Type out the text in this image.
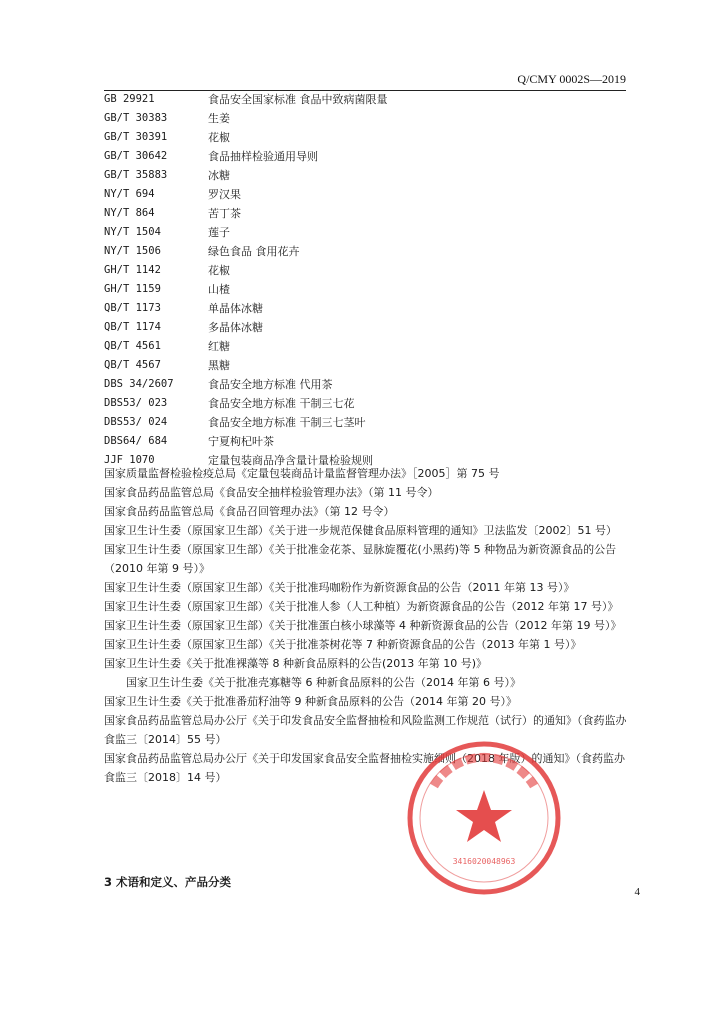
Q/CMY 0002S—2019
GB 29921	食品安全国家标准 食品中致病菌限量
GB/T 30383	生姜
GB/T 30391	花椒
GB/T 30642	食品抽样检验通用导则
GB/T 35883	冰糖
NY/T 694	罗汉果
NY/T 864	苦丁茶
NY/T 1504	莲子
NY/T 1506	绿色食品 食用花卉
GH/T 1142	花椒
GH/T 1159	山楂
QB/T 1173	单晶体冰糖
QB/T 1174	多晶体冰糖
QB/T 4561	红糖
QB/T 4567	黑糖
DBS 34/2607	食品安全地方标准 代用茶
DBS53/ 023	食品安全地方标准 干制三七花
DBS53/ 024	食品安全地方标准 干制三七茎叶
DBS64/ 684	宁夏枸杞叶茶
JJF 1070	定量包装商品净含量计量检验规则

国家质量监督检验检疫总局《定量包装商品计量监督管理办法》［2005］第 75 号

国家食品药品监管总局《食品安全抽样检验管理办法》（第 11 号令）

国家食品药品监管总局《食品召回管理办法》（第 12 号令）

国家卫生计生委（原国家卫生部）《关于进一步规范保健食品原料管理的通知》卫法监发〔2002〕51 号）

国家卫生计生委（原国家卫生部）《关于批准金花茶、显脉旋覆花(小黑药)等 5 种物品为新资源食品的公告（2010 年第 9 号）》

国家卫生计生委（原国家卫生部）《关于批准玛咖粉作为新资源食品的公告（2011 年第 13 号）》

国家卫生计生委（原国家卫生部）《关于批准人参（人工种植）为新资源食品的公告（2012 年第 17 号）》

国家卫生计生委（原国家卫生部）《关于批准蛋白核小球藻等 4 种新资源食品的公告（2012 年第 19 号）》

国家卫生计生委（原国家卫生部）《关于批准茶树花等 7 种新资源食品的公告（2013 年第 1 号）》

国家卫生计生委《关于批准裸藻等 8 种新食品原料的公告(2013 年第 10 号)》

国家卫生计生委《关于批准壳寡糖等 6 种新食品原料的公告（2014 年第 6 号）》

国家卫生计生委《关于批准番茄籽油等 9 种新食品原料的公告（2014 年第 20 号）》

国家食品药品监管总局办公厅《关于印发食品安全监督抽检和风险监测工作规范（试行）的通知》（食药监办食监三〔2014〕55 号）

国家食品药品监管总局办公厅《关于印发国家食品安全监督抽检实施细则（2018 年版）的通知》（食药监办食监三〔2018〕14 号）

3 术语和定义、产品分类
4
3416020048963
